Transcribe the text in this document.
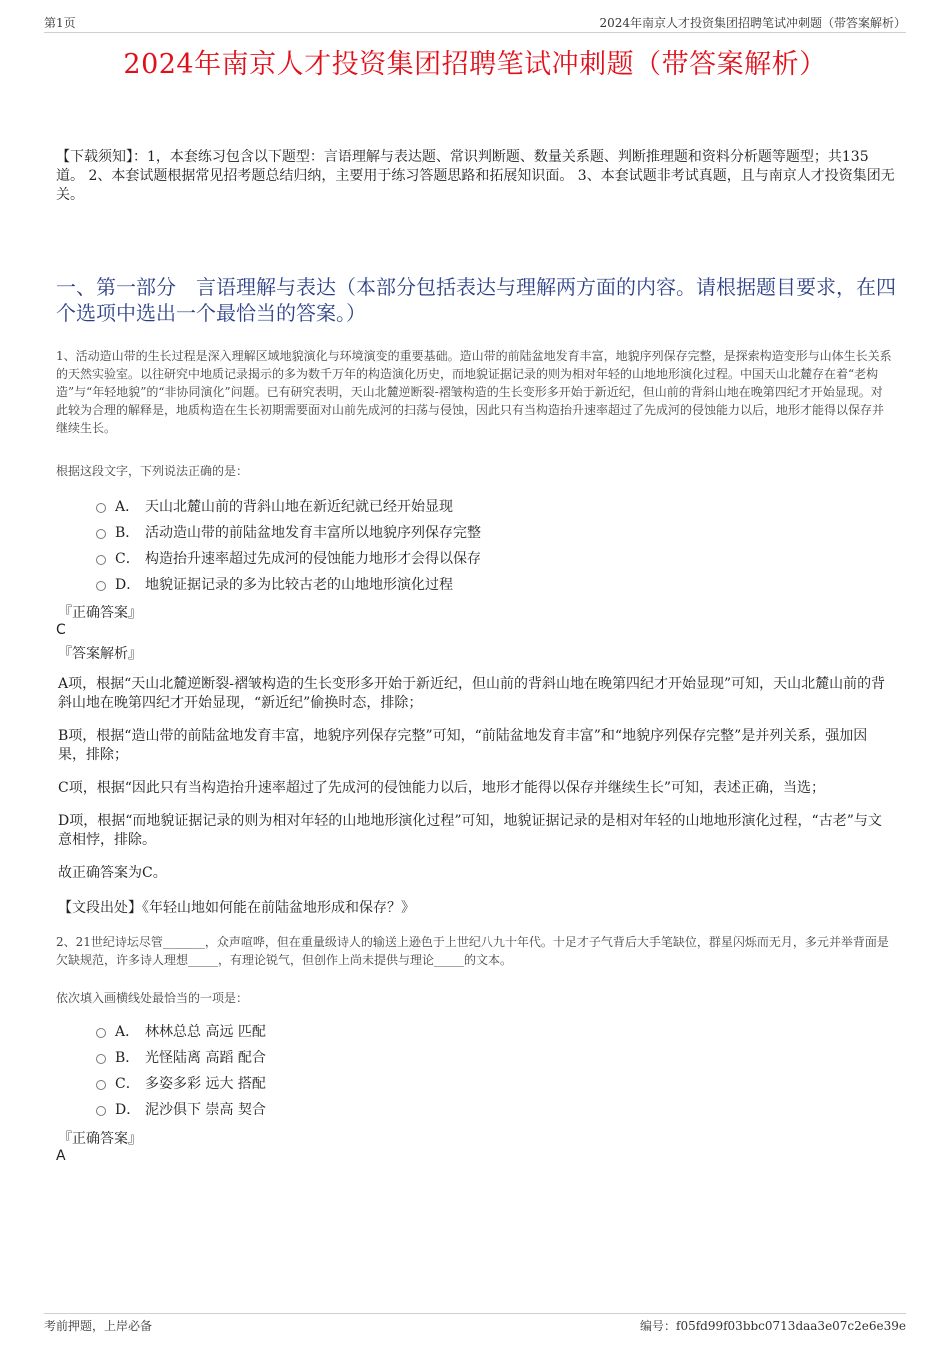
第1页	2024年南京人才投资集团招聘笔试冲刺题（带答案解析）
2024年南京人才投资集团招聘笔试冲刺题（带答案解析）
【下载须知】：1，本套练习包含以下题型：言语理解与表达题、常识判断题、数量关系题、判断推理题和资料分析题等题型；共135道。 2、本套试题根据常见招考题总结归纳，主要用于练习答题思路和拓展知识面。 3、本套试题非考试真题，且与南京人才投资集团无关。
一、第一部分　言语理解与表达（本部分包括表达与理解两方面的内容。请根据题目要求，在四个选项中选出一个最恰当的答案。）
1、活动造山带的生长过程是深入理解区域地貌演化与环境演变的重要基础。造山带的前陆盆地发育丰富，地貌序列保存完整，是探索构造变形与山体生长关系的天然实验室。以往研究中地质记录揭示的多为数千万年的构造演化历史，而地貌证据记录的则为相对年轻的山地地形演化过程。中国天山北麓存在着“老构造”与“年轻地貌”的“非协同演化”问题。已有研究表明，天山北麓逆断裂-褶皱构造的生长变形多开始于新近纪，但山前的背斜山地在晚第四纪才开始显现。对此较为合理的解释是，地质构造在生长初期需要面对山前先成河的扫荡与侵蚀，因此只有当构造抬升速率超过了先成河的侵蚀能力以后，地形才能得以保存并继续生长。
根据这段文字，下列说法正确的是：
A． 天山北麓山前的背斜山地在新近纪就已经开始显现
B． 活动造山带的前陆盆地发育丰富所以地貌序列保存完整
C． 构造抬升速率超过先成河的侵蚀能力地形才会得以保存
D． 地貌证据记录的多为比较古老的山地地形演化过程
『正确答案』
C
『答案解析』
A项，根据“天山北麓逆断裂-褶皱构造的生长变形多开始于新近纪，但山前的背斜山地在晚第四纪才开始显现”可知，天山北麓山前的背斜山地在晚第四纪才开始显现，“新近纪”偷换时态，排除；
B项，根据“造山带的前陆盆地发育丰富，地貌序列保存完整”可知，“前陆盆地发育丰富”和“地貌序列保存完整”是并列关系，强加因果，排除；
C项，根据“因此只有当构造抬升速率超过了先成河的侵蚀能力以后，地形才能得以保存并继续生长”可知，表述正确，当选；
D项，根据“而地貌证据记录的则为相对年轻的山地地形演化过程”可知，地貌证据记录的是相对年轻的山地地形演化过程，“古老”与文意相悖，排除。
故正确答案为C。
【文段出处】《年轻山地如何能在前陆盆地形成和保存？》
2、21世纪诗坛尽管_______，众声喧哗，但在重量级诗人的输送上逊色于上世纪八九十年代。十足才子气背后大手笔缺位，群星闪烁而无月，多元并举背面是欠缺规范，许多诗人理想_____，有理论锐气，但创作上尚未提供与理论_____的文本。
依次填入画横线处最恰当的一项是：
A． 林林总总 高远 匹配
B． 光怪陆离 高蹈 配合
C． 多姿多彩 远大 搭配
D． 泥沙俱下 崇高 契合
『正确答案』
A
考前押题，上岸必备	编号：f05fd99f03bbc0713daa3e07c2e6e39e
